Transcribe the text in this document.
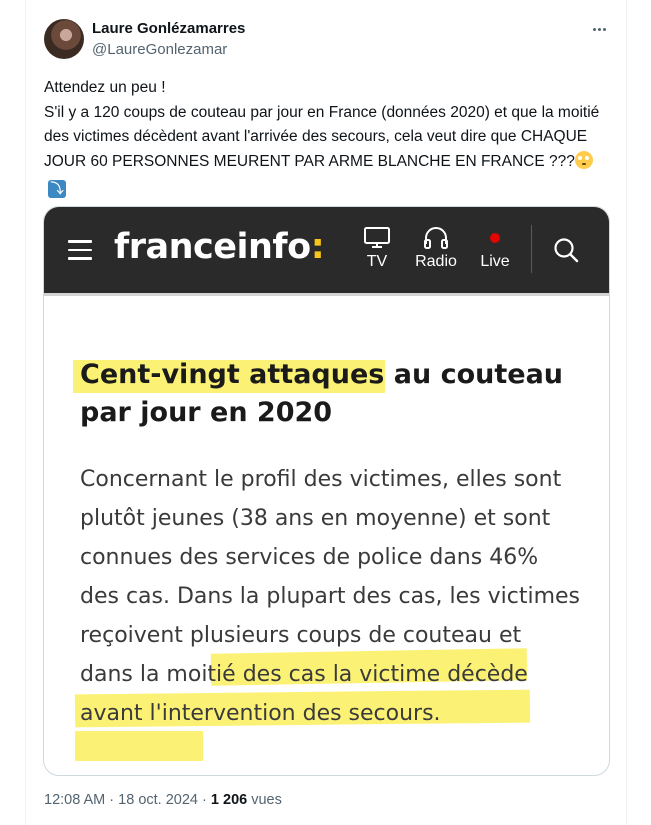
Laure Gonlézamarres
@LaureGonlezamar
Attendez un peu !
S'il y a 120 coups de couteau par jour en France (données 2020) et que la moitié des victimes décèdent avant l'arrivée des secours, cela veut dire que CHAQUE JOUR 60 PERSONNES MEURENT PAR ARME BLANCHE EN FRANCE ???⤵
franceinfo:	TV	Radio	Live
Cent-vingt attaques au couteau par jour en 2020
Concernant le profil des victimes, elles sont plutôt jeunes (38 ans en moyenne) et sont connues des services de police dans 46% des cas. Dans la plupart des cas, les victimes reçoivent plusieurs coups de couteau et dans la moitié des cas la victime décède avant l'intervention des secours.
12:08 AM · 18 oct. 2024 · 1 206 vues
